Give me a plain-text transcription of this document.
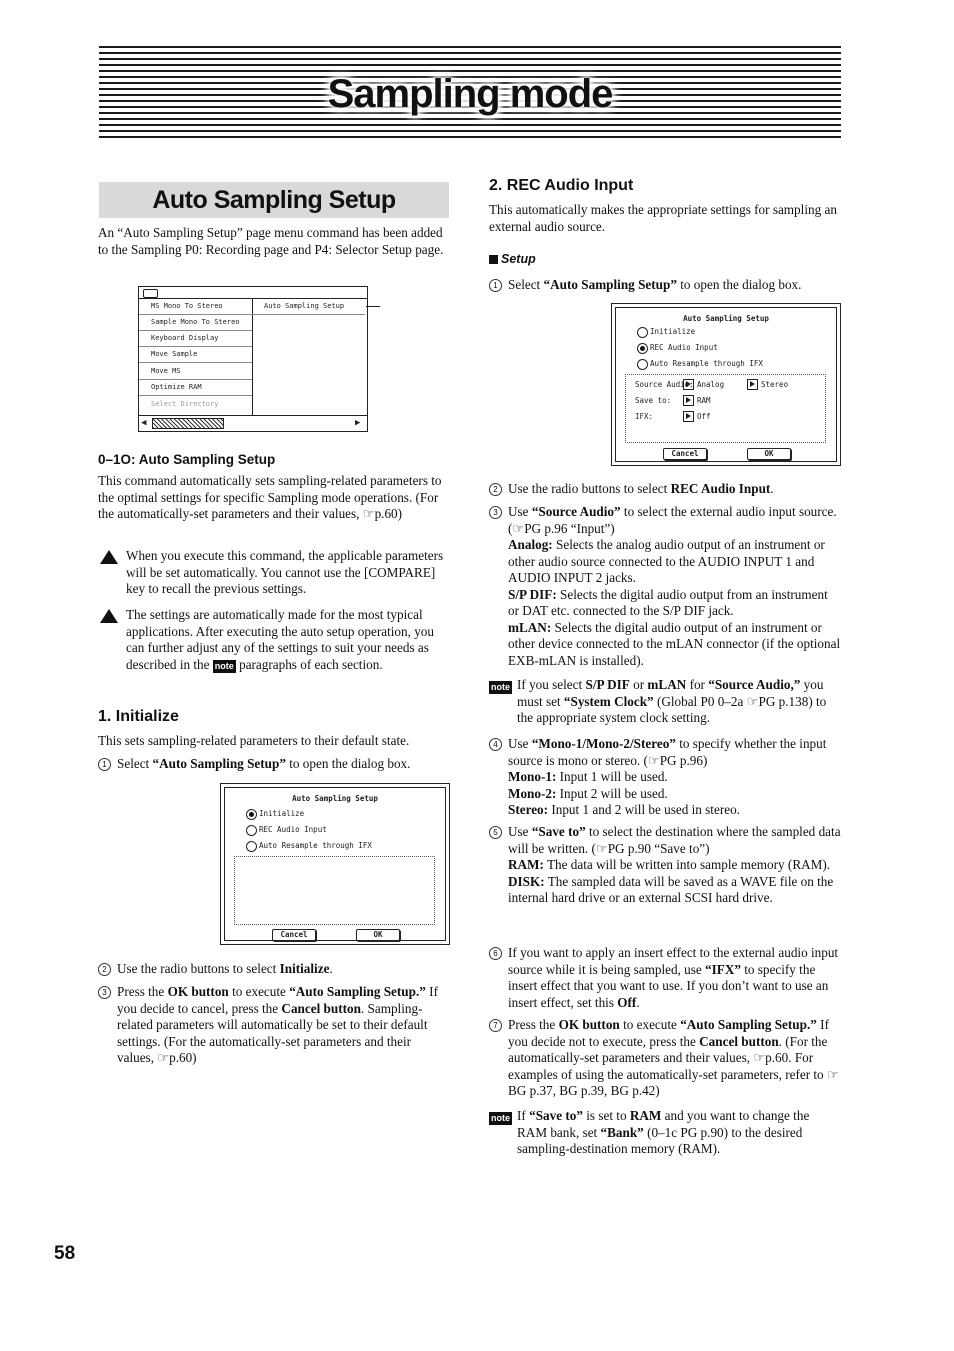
Sampling mode
Auto Sampling Setup
An “Auto Sampling Setup” page menu command has been added to the Sampling P0: Recording page and P4: Selector Setup page.
MS Mono To Stereo
Sample Mono To Stereo
Keyboard Display
Move Sample
Move MS
Optimize RAM
Select Directory
Auto Sampling Setup
◀	▶
0–1O: Auto Sampling Setup
This command automatically sets sampling-related parameters to the optimal settings for specific Sampling mode operations. (For the automatically-set parameters and their values, ☞p.60)
When you execute this command, the applicable parameters will be set automatically. You cannot use the [COMPARE] key to recall the previous settings.
The settings are automatically made for the most typical applications. After executing the auto setup operation, you can further adjust any of the settings to suit your needs as described in the note paragraphs of each section.
1. Initialize
This sets sampling-related parameters to their default state.
1 Select “Auto Sampling Setup” to open the dialog box.
Auto Sampling Setup
Initialize
REC Audio Input
Auto Resample through IFX
Cancel	OK
2 Use the radio buttons to select Initialize.
3 Press the OK button to execute “Auto Sampling Setup.” If you decide to cancel, press the Cancel button. Sampling-related parameters will automatically be set to their default settings. (For the automatically-set parameters and their values, ☞p.60)
2. REC Audio Input
This automatically makes the appropriate settings for sampling an external audio source.
Setup
1 Select “Auto Sampling Setup” to open the dialog box.
Auto Sampling Setup
Initialize
REC Audio Input
Auto Resample through IFX
Source Audio: Analog	Stereo
Save to:	RAM
IFX:	Off
Cancel	OK
2 Use the radio buttons to select REC Audio Input.
3 Use “Source Audio” to select the external audio input source. (☞PG p.96 “Input”)
Analog: Selects the analog audio output of an instrument or other audio source connected to the AUDIO INPUT 1 and AUDIO INPUT 2 jacks.
S/P DIF: Selects the digital audio output from an instrument or DAT etc. connected to the S/P DIF jack.
mLAN: Selects the digital audio output of an instrument or other device connected to the mLAN connector (if the optional EXB-mLAN is installed).
note If you select S/P DIF or mLAN for “Source Audio,” you must set “System Clock” (Global P0 0–2a ☞PG p.138) to the appropriate system clock setting.
4 Use “Mono-1/Mono-2/Stereo” to specify whether the input source is mono or stereo. (☞PG p.96)
Mono-1: Input 1 will be used.
Mono-2: Input 2 will be used.
Stereo: Input 1 and 2 will be used in stereo.
5 Use “Save to” to select the destination where the sampled data will be written. (☞PG p.90 “Save to”)
RAM: The data will be written into sample memory (RAM).
DISK: The sampled data will be saved as a WAVE file on the internal hard drive or an external SCSI hard drive.
6 If you want to apply an insert effect to the external audio input source while it is being sampled, use “IFX” to specify the insert effect that you want to use. If you don’t want to use an insert effect, set this Off.
7 Press the OK button to execute “Auto Sampling Setup.” If you decide not to execute, press the Cancel button. (For the automatically-set parameters and their values, ☞p.60. For examples of using the automatically-set parameters, refer to ☞BG p.37, BG p.39, BG p.42)
note If “Save to” is set to RAM and you want to change the RAM bank, set “Bank” (0–1c PG p.90) to the desired sampling-destination memory (RAM).
58
